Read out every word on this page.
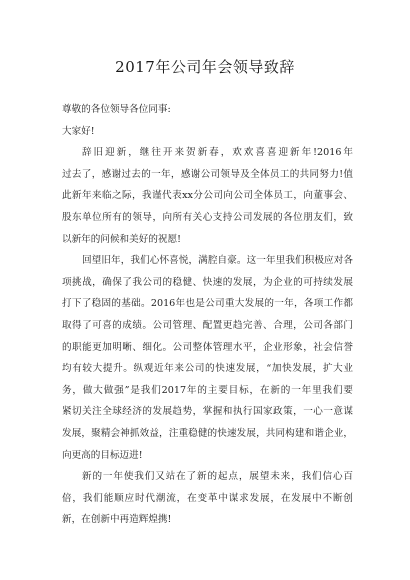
2017年公司年会领导致辞
尊敬的各位领导各位同事:
大家好!
辞旧迎新，继往开来贺新春，欢欢喜喜迎新年!2016年
过去了，感谢过去的一年，感谢公司领导及全体员工的共同努力!值
此新年来临之际，我谨代表xx分公司向公司全体员工，向董事会、
股东单位所有的领导，向所有关心支持公司发展的各位朋友们，致
以新年的问候和美好的祝愿!
回望旧年，我们心怀喜悦，满腔自豪。这一年里我们积极应对各
项挑战，确保了我公司的稳健、快速的发展，为企业的可持续发展
打下了稳固的基础。2016年也是公司重大发展的一年，各项工作都
取得了可喜的成绩。公司管理、配置更趋完善、合理，公司各部门
的职能更加明晰、细化。公司整体管理水平，企业形象，社会信誉
均有较大提升。纵观近年来公司的快速发展，“加快发展，扩大业
务，做大做强”是我们2017年的主要目标，在新的一年里我们要
紧切关注全球经济的发展趋势，掌握和执行国家政策，一心一意谋
发展，聚精会神抓效益，注重稳健的快速发展，共同构建和谐企业，
向更高的目标迈进!
新的一年使我们又站在了新的起点，展望未来，我们信心百
倍，我们能顺应时代潮流，在变革中谋求发展，在发展中不断创
新，在创新中再造辉煌携!
